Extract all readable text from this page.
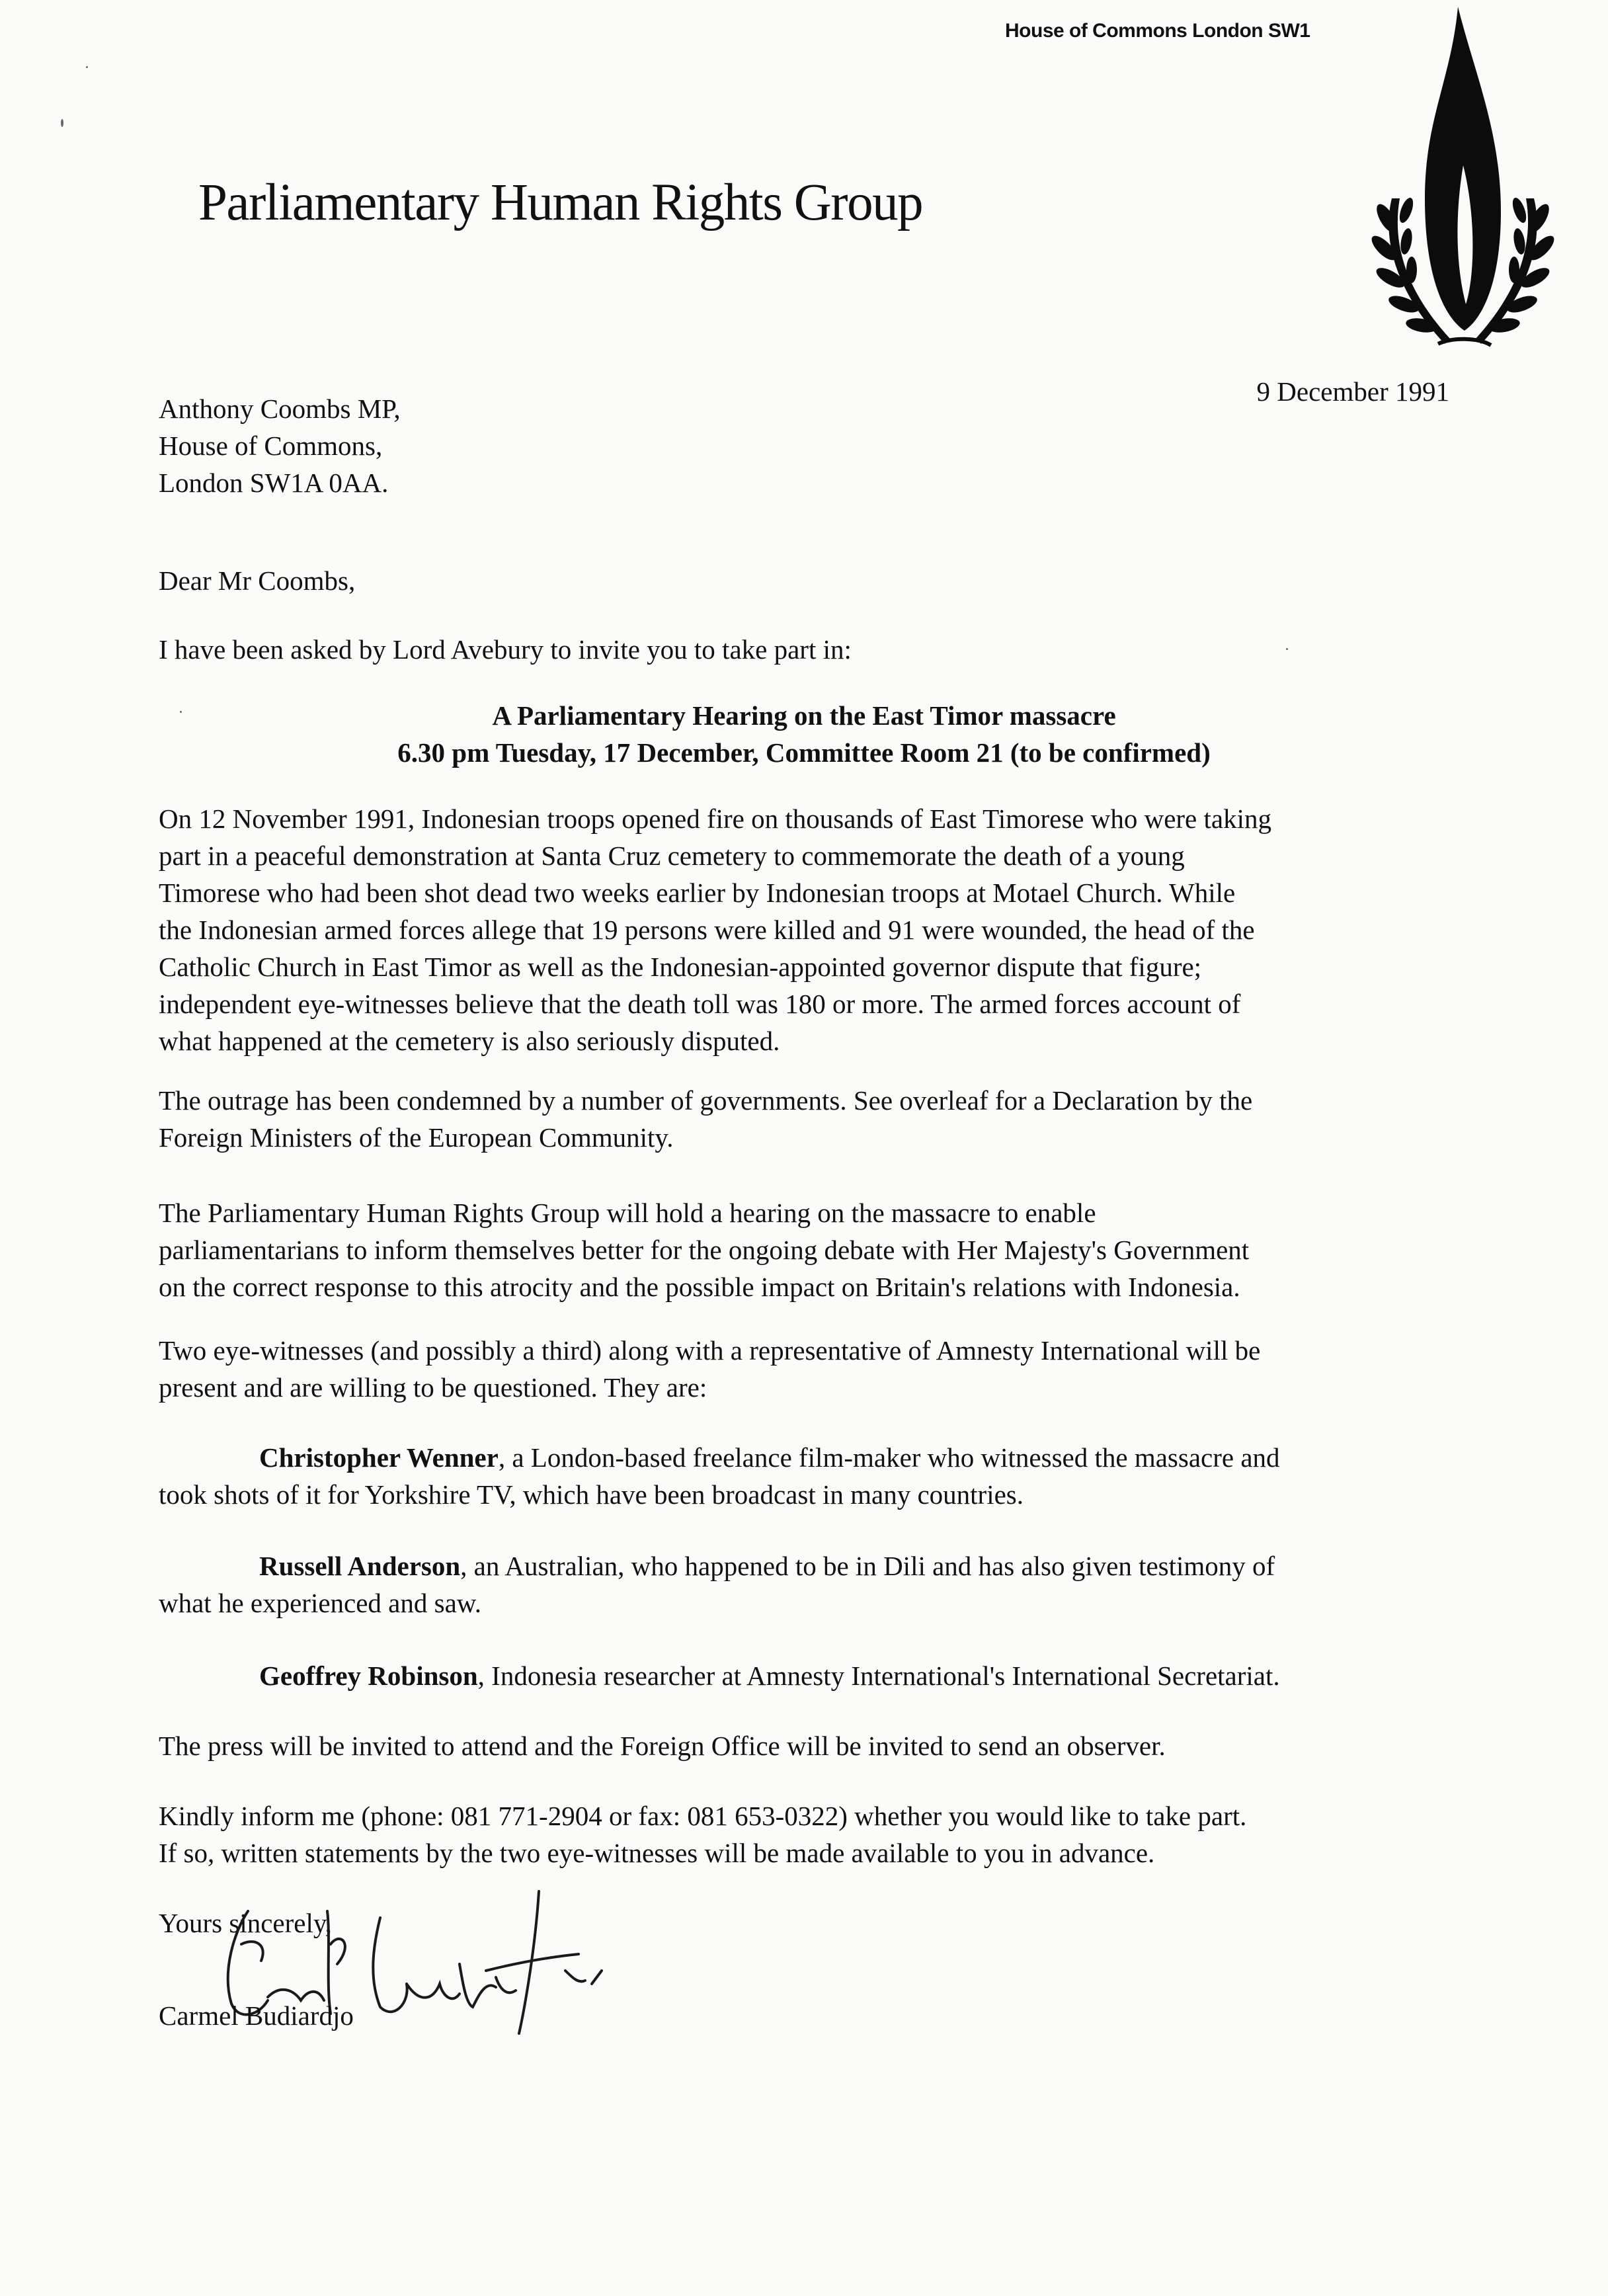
House of Commons London SW1
Parliamentary Human Rights Group
9 December 1991
Anthony Coombs MP,
House of Commons,
London SW1A 0AA.
Dear Mr Coombs,
I have been asked by Lord Avebury to invite you to take part in:
A Parliamentary Hearing on the East Timor massacre
6.30 pm Tuesday, 17 December, Committee Room 21 (to be confirmed)
On 12 November 1991, Indonesian troops opened fire on thousands of East Timorese who were taking
part in a peaceful demonstration at Santa Cruz cemetery to commemorate the death of a young
Timorese who had been shot dead two weeks earlier by Indonesian troops at Motael Church. While
the Indonesian armed forces allege that 19 persons were killed and 91 were wounded, the head of the
Catholic Church in East Timor as well as the Indonesian-appointed governor dispute that figure;
independent eye-witnesses believe that the death toll was 180 or more. The armed forces account of
what happened at the cemetery is also seriously disputed.
The outrage has been condemned by a number of governments. See overleaf for a Declaration by the
Foreign Ministers of the European Community.
The Parliamentary Human Rights Group will hold a hearing on the massacre to enable
parliamentarians to inform themselves better for the ongoing debate with Her Majesty's Government
on the correct response to this atrocity and the possible impact on Britain's relations with Indonesia.
Two eye-witnesses (and possibly a third) along with a representative of Amnesty International will be
present and are willing to be questioned. They are:
Christopher Wenner, a London-based freelance film-maker who witnessed the massacre and
took shots of it for Yorkshire TV, which have been broadcast in many countries.
Russell Anderson, an Australian, who happened to be in Dili and has also given testimony of
what he experienced and saw.
Geoffrey Robinson, Indonesia researcher at Amnesty International's International Secretariat.
The press will be invited to attend and the Foreign Office will be invited to send an observer.
Kindly inform me (phone: 081 771-2904 or fax: 081 653-0322) whether you would like to take part.
If so, written statements by the two eye-witnesses will be made available to you in advance.
Yours sincerely,
Carmel Budiardjo
